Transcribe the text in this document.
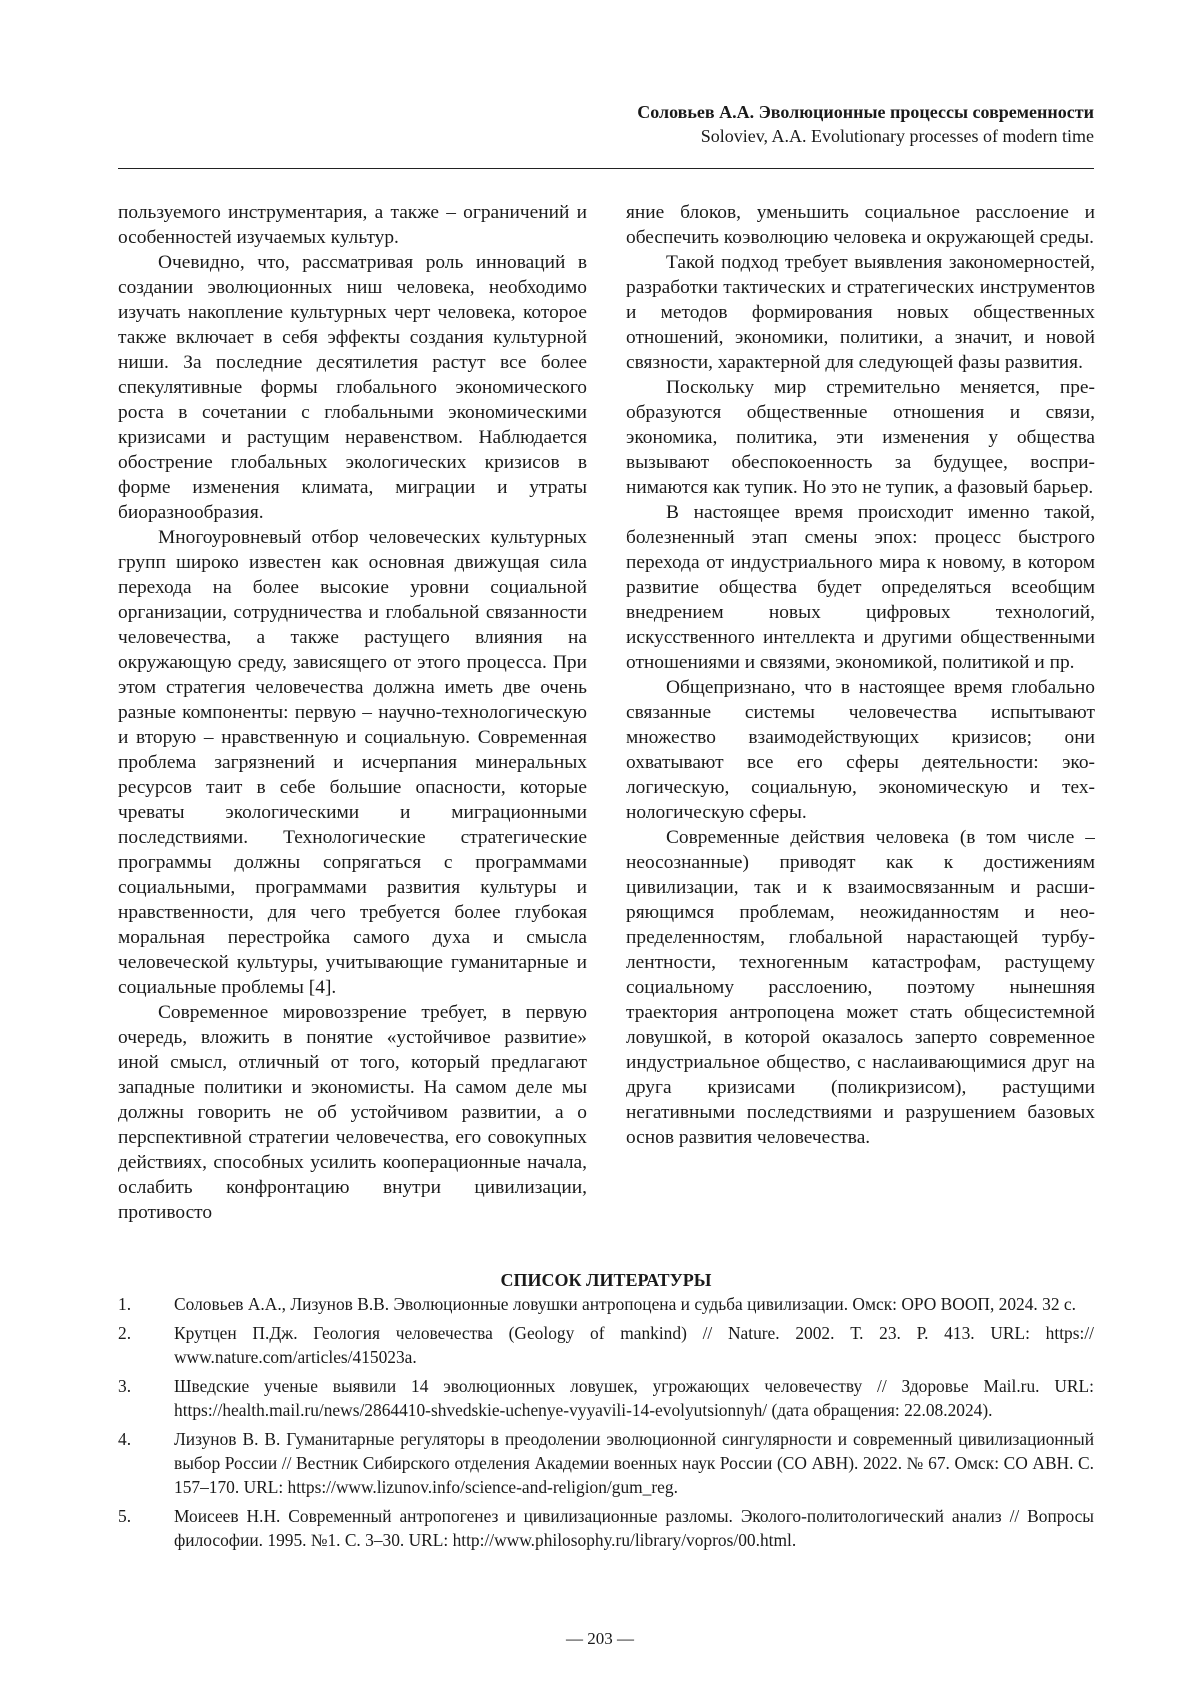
Соловьев А.А. Эволюционные процессы современности
Soloviev, A.A. Evolutionary processes of modern time

пользуемого инструментария, а также – ограничений и особенностей изучаемых культур.

Очевидно, что, рассматривая роль инноваций в создании эволюционных ниш человека, необходимо изучать накопление культурных черт человека, которое также включает в себя эффекты создания культурной ниши. За последние десятилетия растут все более спекулятивные формы глобального экономического роста в сочетании с глобальными экономическими кризисами и растущим неравенством. Наблюдается обострение глобальных экологических кризисов в форме изменения климата, миграции и утраты биоразнообразия.

Многоуровневый отбор человеческих культурных групп широко известен как основная движущая сила перехода на более высокие уровни социальной организации, сотрудничества и глобальной связанности человечества, а также растущего влияния на окружающую среду, зависящего от этого процесса. При этом стратегия человечества должна иметь две очень разные компоненты: первую – научно-технологическую и вторую – нравственную и социальную. Современная проблема загрязнений и исчерпания минеральных ресурсов таит в себе большие опасности, которые чреваты экологическими и миграционными последствиями. Технологические стратегические программы должны сопрягаться с программами социальными, программами развития культуры и нравственности, для чего требуется более глубокая моральная перестройка самого духа и смысла человеческой культуры, учитывающие гуманитарные и социальные проблемы [4].

Современное мировоззрение требует, в первую очередь, вложить в понятие «устойчивое развитие» иной смысл, отличный от того, который предлагают западные политики и экономисты. На самом деле мы должны говорить не об устойчивом развитии, а о перспективной стратегии человечества, его совокупных действиях, способных усилить кооперационные начала, ослабить конфронтацию внутри цивилизации, противосто

яние блоков, уменьшить социальное расслоение и обеспечить коэволюцию человека и окружающей среды.

Такой подход требует выявления закономерностей, разработки тактических и стратегических инструментов и методов формирования новых общественных отношений, экономики, политики, а значит, и новой связности, характерной для следующей фазы развития.

Поскольку мир стремительно меняется, преобразуются общественные отношения и связи, экономика, политика, эти изменения у общества вызывают обеспокоенность за будущее, воспринимаются как тупик. Но это не тупик, а фазовый барьер.

В настоящее время происходит именно такой, болезненный этап смены эпох: процесс быстрого перехода от индустриального мира к новому, в котором развитие общества будет определяться всеобщим внедрением новых цифровых технологий, искусственного интеллекта и другими общественными отношениями и связями, экономикой, политикой и пр.

Общепризнано, что в настоящее время глобально связанные системы человечества испытывают множество взаимодействующих кризисов; они охватывают все его сферы деятельности: экологическую, социальную, экономическую и технологическую сферы.

Современные действия человека (в том числе – неосознанные) приводят как к достижениям цивилизации, так и к взаимосвязанным и расширяющимся проблемам, неожиданностям и неопределенностям, глобальной нарастающей турбулентности, техногенным катастрофам, растущему социальному расслоению, поэтому нынешняя траектория антропоцена может стать общесистемной ловушкой, в которой оказалось заперто современное индустриальное общество, с наслаивающимися друг на друга кризисами (поликризисом), растущими негативными последствиями и разрушением базовых основ развития человечества.

СПИСОК ЛИТЕРАТУРЫ
1. Соловьев А.А., Лизунов В.В. Эволюционные ловушки антропоцена и судьба цивилизации. Омск: ОРО ВООП, 2024. 32 с.
2. Крутцен П.Дж. Геология человечества (Geology of mankind) // Nature. 2002. Т. 23. Р. 413. URL: https:// www.nature.com/articles/415023a.
3. Шведские ученые выявили 14 эволюционных ловушек, угрожающих человечеству // Здоровье Mail.ru. URL: https://health.mail.ru/news/2864410-shvedskie-uchenye-vyyavili-14-evolyutsionnyh/ (дата обращения: 22.08.2024).
4. Лизунов В. В. Гуманитарные регуляторы в преодолении эволюционной сингулярности и современный цивилизационный выбор России // Вестник Сибирского отделения Академии военных наук России (СО АВН). 2022. № 67. Омск: СО АВН. С. 157–170. URL: https://www.lizunov.info/science-and-religion/gum_reg.
5. Моисеев Н.Н. Современный антропогенез и цивилизационные разломы. Эколого-политологический анализ // Вопросы философии. 1995. №1. С. 3–30. URL: http://www.philosophy.ru/library/vopros/00.html.
— 203 —
